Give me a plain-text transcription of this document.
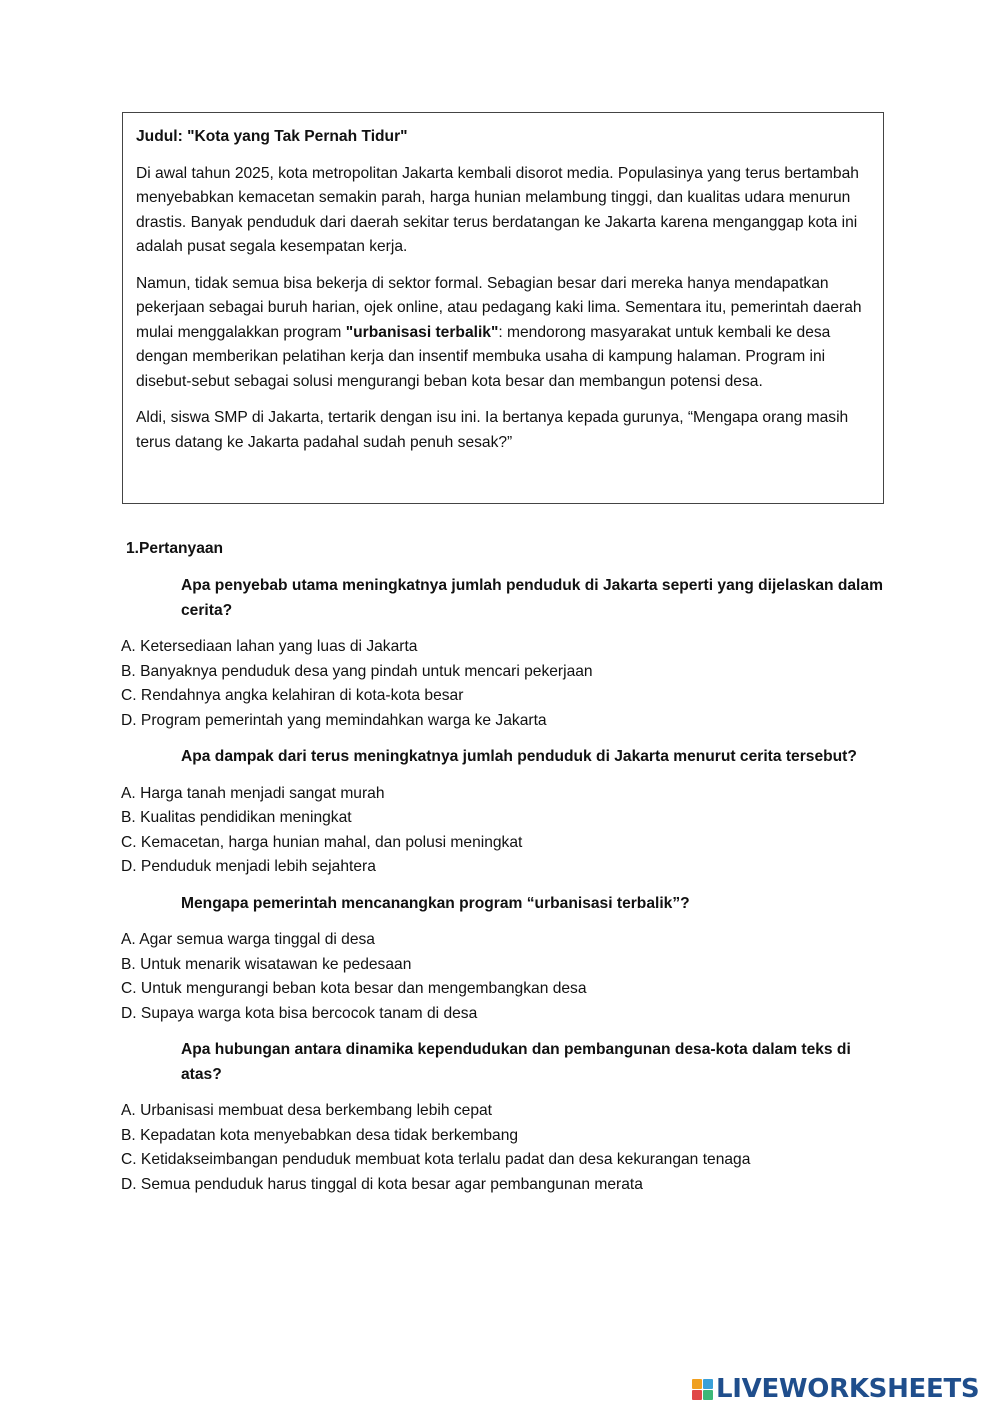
Judul: "Kota yang Tak Pernah Tidur"

Di awal tahun 2025, kota metropolitan Jakarta kembali disorot media. Populasinya yang terus bertambah menyebabkan kemacetan semakin parah, harga hunian melambung tinggi, dan kualitas udara menurun drastis. Banyak penduduk dari daerah sekitar terus berdatangan ke Jakarta karena menganggap kota ini adalah pusat segala kesempatan kerja.

Namun, tidak semua bisa bekerja di sektor formal. Sebagian besar dari mereka hanya mendapatkan pekerjaan sebagai buruh harian, ojek online, atau pedagang kaki lima. Sementara itu, pemerintah daerah mulai menggalakkan program "urbanisasi terbalik": mendorong masyarakat untuk kembali ke desa dengan memberikan pelatihan kerja dan insentif membuka usaha di kampung halaman. Program ini disebut-sebut sebagai solusi mengurangi beban kota besar dan membangun potensi desa.

Aldi, siswa SMP di Jakarta, tertarik dengan isu ini. Ia bertanya kepada gurunya, “Mengapa orang masih terus datang ke Jakarta padahal sudah penuh sesak?”

1.Pertanyaan
Apa penyebab utama meningkatnya jumlah penduduk di Jakarta seperti yang dijelaskan dalam cerita?
A. Ketersediaan lahan yang luas di Jakarta
B. Banyaknya penduduk desa yang pindah untuk mencari pekerjaan
C. Rendahnya angka kelahiran di kota-kota besar
D. Program pemerintah yang memindahkan warga ke Jakarta
Apa dampak dari terus meningkatnya jumlah penduduk di Jakarta menurut cerita tersebut?
A. Harga tanah menjadi sangat murah
B. Kualitas pendidikan meningkat
C. Kemacetan, harga hunian mahal, dan polusi meningkat
D. Penduduk menjadi lebih sejahtera
Mengapa pemerintah mencanangkan program “urbanisasi terbalik”?
A. Agar semua warga tinggal di desa
B. Untuk menarik wisatawan ke pedesaan
C. Untuk mengurangi beban kota besar dan mengembangkan desa
D. Supaya warga kota bisa bercocok tanam di desa
Apa hubungan antara dinamika kependudukan dan pembangunan desa-kota dalam teks di atas?
A. Urbanisasi membuat desa berkembang lebih cepat
B. Kepadatan kota menyebabkan desa tidak berkembang
C. Ketidakseimbangan penduduk membuat kota terlalu padat dan desa kekurangan tenaga
D. Semua penduduk harus tinggal di kota besar agar pembangunan merata
LIVEWORKSHEETS
